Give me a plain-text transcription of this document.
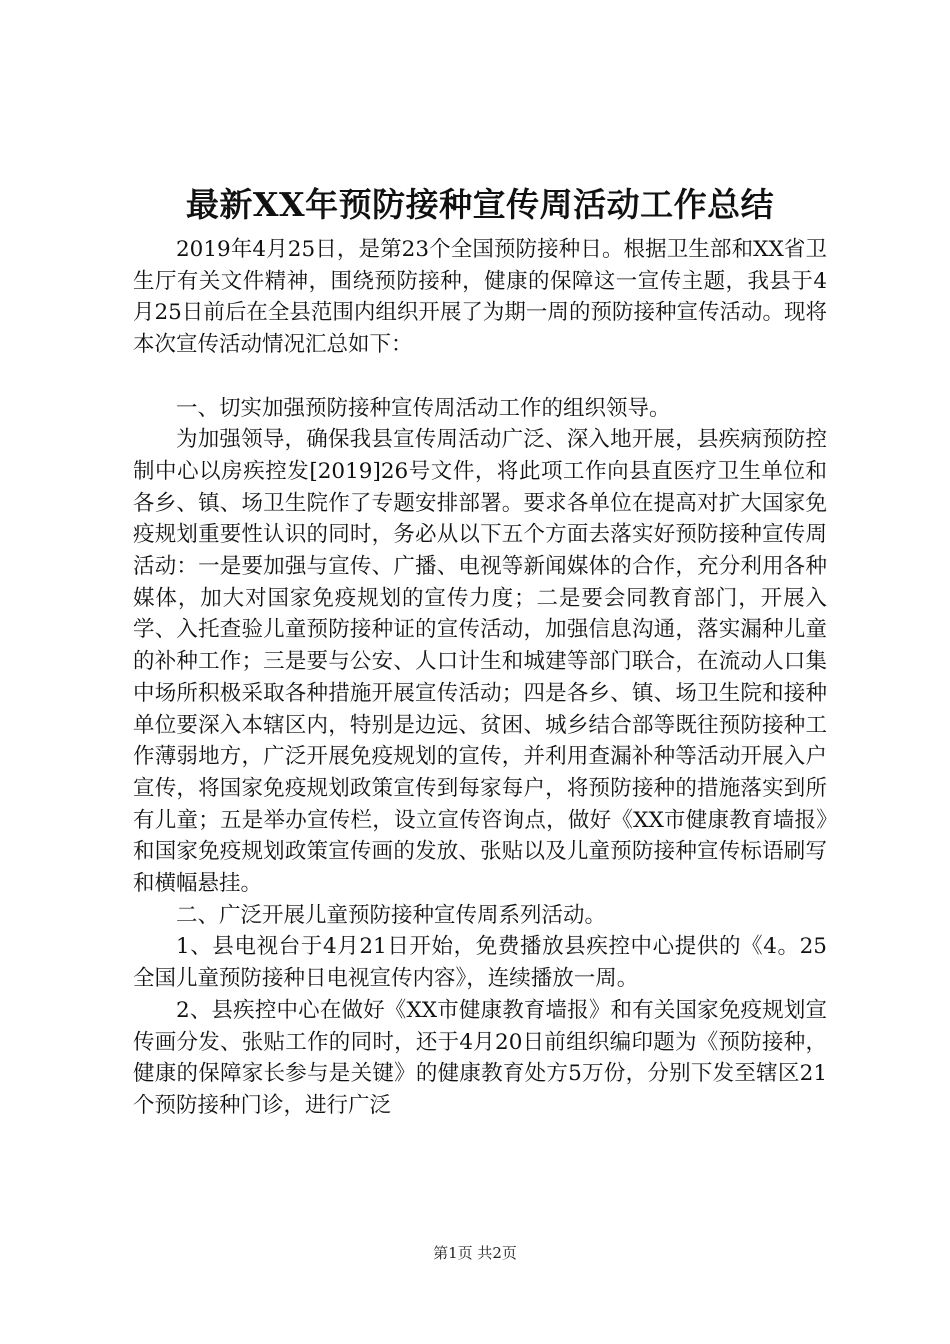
最新XX年预防接种宣传周活动工作总结

2019年4月25日，是第23个全国预防接种日。根据卫生部和XX省卫生厅有关文件精神，围绕预防接种，健康的保障这一宣传主题，我县于4月25日前后在全县范围内组织开展了为期一周的预防接种宣传活动。现将本次宣传活动情况汇总如下：

一、切实加强预防接种宣传周活动工作的组织领导。

为加强领导，确保我县宣传周活动广泛、深入地开展，县疾病预防控制中心以房疾控发[2019]26号文件，将此项工作向县直医疗卫生单位和各乡、镇、场卫生院作了专题安排部署。要求各单位在提高对扩大国家免疫规划重要性认识的同时，务必从以下五个方面去落实好预防接种宣传周活动：一是要加强与宣传、广播、电视等新闻媒体的合作，充分利用各种媒体，加大对国家免疫规划的宣传力度；二是要会同教育部门，开展入学、入托查验儿童预防接种证的宣传活动，加强信息沟通，落实漏种儿童的补种工作；三是要与公安、人口计生和城建等部门联合，在流动人口集中场所积极采取各种措施开展宣传活动；四是各乡、镇、场卫生院和接种单位要深入本辖区内，特别是边远、贫困、城乡结合部等既往预防接种工作薄弱地方，广泛开展免疫规划的宣传，并利用查漏补种等活动开展入户宣传，将国家免疫规划政策宣传到每家每户，将预防接种的措施落实到所有儿童；五是举办宣传栏，设立宣传咨询点，做好《XX市健康教育墙报》和国家免疫规划政策宣传画的发放、张贴以及儿童预防接种宣传标语刷写和横幅悬挂。

二、广泛开展儿童预防接种宣传周系列活动。

1、县电视台于4月21日开始，免费播放县疾控中心提供的《4。25全国儿童预防接种日电视宣传内容》，连续播放一周。

2、县疾控中心在做好《XX市健康教育墙报》和有关国家免疫规划宣传画分发、张贴工作的同时，还于4月20日前组织编印题为《预防接种，健康的保障家长参与是关键》的健康教育处方5万份，分别下发至辖区21个预防接种门诊，进行广泛

第1页 共2页
